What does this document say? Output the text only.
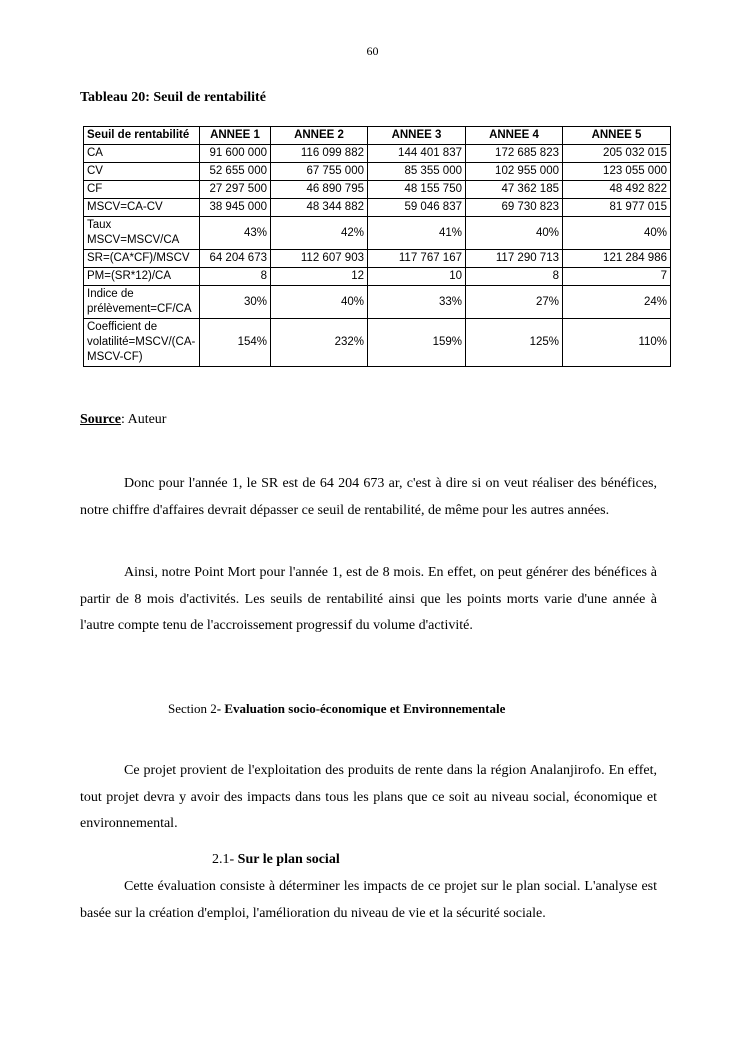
60
Tableau 20: Seuil de rentabilité
Seuil de rentabilité	ANNEE 1	ANNEE 2	ANNEE 3	ANNEE 4	ANNEE 5
CA	91 600 000	116 099 882	144 401 837	172 685 823	205 032 015
CV	52 655 000	67 755 000	85 355 000	102 955 000	123 055 000
CF	27 297 500	46 890 795	48 155 750	47 362 185	48 492 822
MSCV=CA-CV	38 945 000	48 344 882	59 046 837	69 730 823	81 977 015
Taux MSCV=MSCV/CA	43%	42%	41%	40%	40%
SR=(CA*CF)/MSCV	64 204 673	112 607 903	117 767 167	117 290 713	121 284 986
PM=(SR*12)/CA	8	12	10	8	7
Indice de prélèvement=CF/CA	30%	40%	33%	27%	24%
Coefficient de volatilité=MSCV/(CA-MSCV-CF)	154%	232%	159%	125%	110%
Source: Auteur

Donc pour l'année 1, le SR est de 64 204 673 ar, c'est à dire si on veut réaliser des bénéfices, notre chiffre d'affaires devrait dépasser ce seuil de rentabilité, de même pour les autres années.

Ainsi, notre Point Mort pour l'année 1, est de 8 mois. En effet, on peut générer des bénéfices à partir de 8 mois d'activités. Les seuils de rentabilité ainsi que les points morts varie d'une année à l'autre compte tenu de l'accroissement progressif du volume d'activité.

Section 2- Evaluation socio-économique et Environnementale

Ce projet provient de l'exploitation des produits de rente dans la région Analanjirofo. En effet, tout projet devra y avoir des impacts dans tous les plans que ce soit au niveau social, économique et environnemental.

2.1- Sur le plan social

Cette évaluation consiste à déterminer les impacts de ce projet sur le plan social. L'analyse est basée sur la création d'emploi, l'amélioration du niveau de vie et la sécurité sociale.
